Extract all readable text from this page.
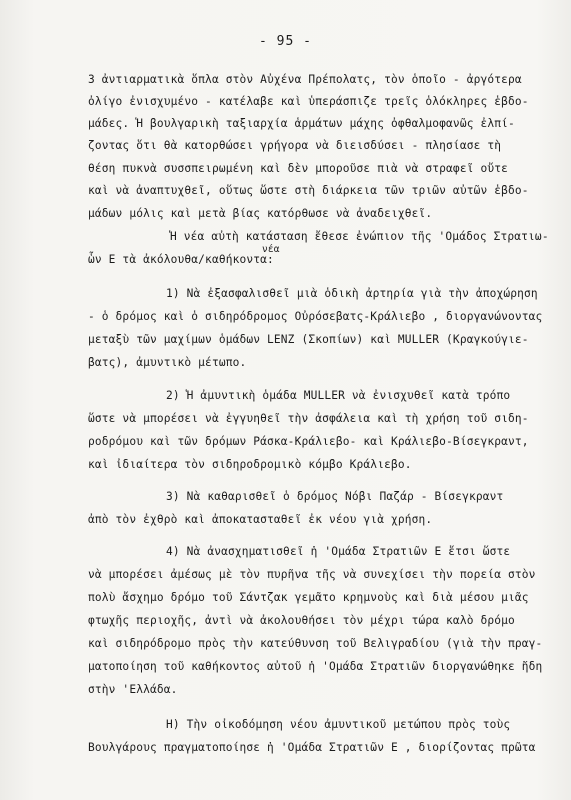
- 95 -
3 ἀντιαρματικὰ ὅπλα στὸν Αὐχένα Πρέπολατς, τὸν ὁποῖο - ἀργότερα
ὀλίγο ἐνισχυμένο - κατέλαβε καὶ ὑπεράσπιζε τρεῖς ὁλόκληρες ἑβδο-
μάδες. Ἡ βουλγαρικὴ ταξιαρχία ἁρμάτων μάχης ὀφθαλμοφανῶς ἐλπί-
ζοντας ὅτι θὰ κατορθώσει γρήγορα νὰ διεισδύσει - πλησίασε τὴ
θέση πυκνὰ συσσπειρωμένη καὶ δὲν μποροῦσε πιὰ νὰ στραφεῖ οὔτε
καὶ νὰ ἀναπτυχθεῖ, οὕτως ὥστε στὴ διάρκεια τῶν τριῶν αὐτῶν ἑβδο-
μάδων μόλις καὶ μετὰ βίας κατόρθωσε νὰ ἀναδειχθεῖ.
Ἡ νέα αὐτὴ κατάσταση ἔθεσε ἐνώπιον τῆς 'Ομάδος Στρατιω-
νέα
ὧν Ε τὰ ἀκόλουθα/καθήκοντα:
1) Νὰ ἐξασφαλισθεῖ μιὰ ὁδικὴ ἀρτηρία γιὰ τὴν ἀποχώρηση
- ὁ δρόμος καὶ ὁ σιδηρόδρομος Οὐρόσεβατς-Κράλιεβο , διοργανώνοντας
μεταξὺ τῶν μαχίμων ὁμάδων LENZ (Σκοπίων) καὶ MULLER (Κραγκούγιε-
βατς), ἀμυντικὸ μέτωπο.
2) Ἡ ἀμυντικὴ ὁμάδα MULLER νὰ ἐνισχυθεῖ κατὰ τρόπο
ὥστε νὰ μπορέσει νὰ ἐγγυηθεῖ τὴν ἀσφάλεια καὶ τὴ χρήση τοῦ σιδη-
ροδρόμου καὶ τῶν δρόμων Ράσκα-Κράλιεβο- καὶ Κράλιεβο-Βίσεγκραντ,
καὶ ἰδιαίτερα τὸν σιδηροδρομικὸ κόμβο Κράλιεβο.
3) Νὰ καθαρισθεῖ ὁ δρόμος Νόβι Παζάρ - Βίσεγκραντ
ἀπὸ τὸν ἐχθρὸ καὶ ἀποκατασταθεῖ ἐκ νέου γιὰ χρήση.
4) Νὰ ἀνασχηματισθεῖ ἡ 'Ομάδα Στρατιῶν Ε ἔτσι ὥστε
νὰ μπορέσει ἀμέσως μὲ τὸν πυρῆνα τῆς νὰ συνεχίσει τὴν πορεία στὸν
πολὺ ἄσχημο δρόμο τοῦ Σάντζακ γεμᾶτο κρημνοὺς καὶ διὰ μέσου μιᾶς
φτωχῆς περιοχῆς, ἀντὶ νὰ ἀκολουθήσει τὸν μέχρι τώρα καλὸ δρόμο
καὶ σιδηρόδρομο πρὸς τὴν κατεύθυνση τοῦ Βελιγραδίου (γιὰ τὴν πραγ-
ματοποίηση τοῦ καθήκοντος αὐτοῦ ἡ 'Ομάδα Στρατιῶν διοργανώθηκε ἤδη
στὴν 'Ελλάδα.
Η) Τὴν οἰκοδόμηση νέου ἀμυντικοῦ μετώπου πρὸς τοὺς
Βουλγάρους πραγματοποίησε ἡ 'Ομάδα Στρατιῶν Ε , διορίζοντας πρῶτα
